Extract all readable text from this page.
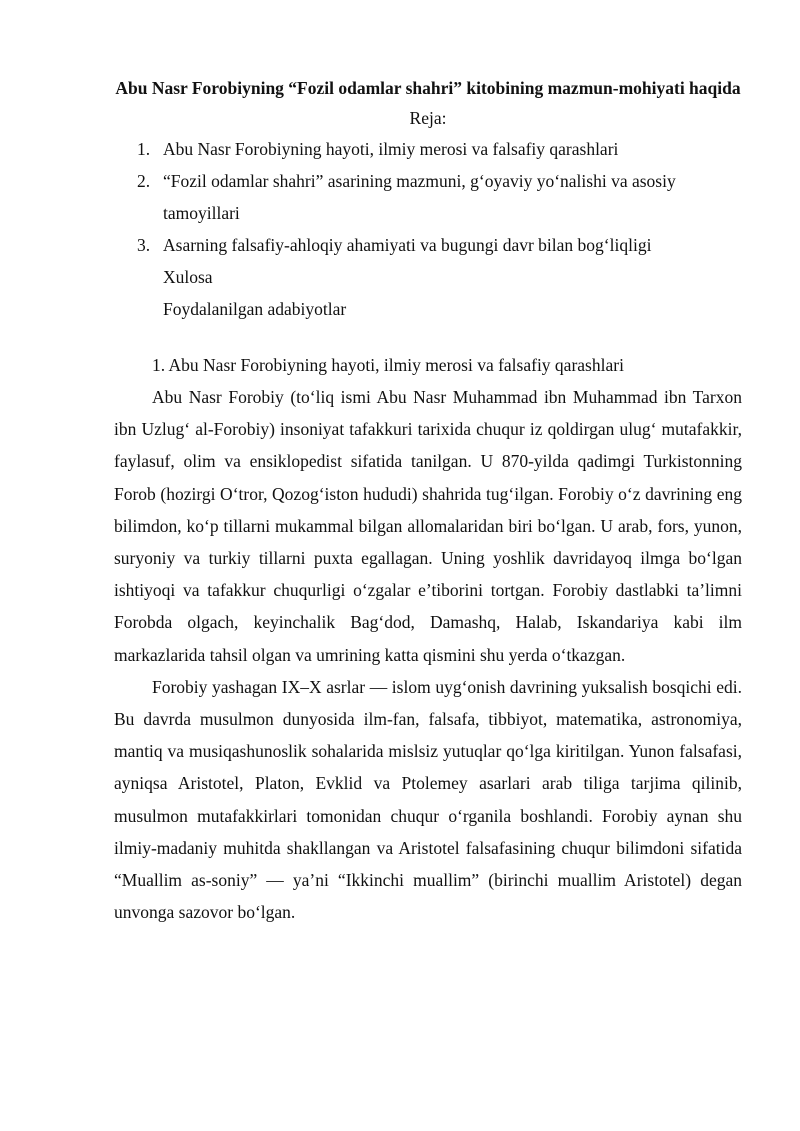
Abu Nasr Forobiyning “Fozil odamlar shahri” kitobining mazmun-mohiyati haqida
Reja:
1. Abu Nasr Forobiyning hayoti, ilmiy merosi va falsafiy qarashlari
2. “Fozil odamlar shahri” asarining mazmuni, g‘oyaviy yo‘nalishi va asosiy tamoyillari
3. Asarning falsafiy-ahloqiy ahamiyati va bugungi davr bilan bog‘liqligi
Xulosa
Foydalanilgan adabiyotlar
1. Abu Nasr Forobiyning hayoti, ilmiy merosi va falsafiy qarashlari

Abu Nasr Forobiy (to‘liq ismi Abu Nasr Muhammad ibn Muhammad ibn Tarxon ibn Uzlug‘ al-Forobiy) insoniyat tafakkuri tarixida chuqur iz qoldirgan ulug‘ mutafakkir, faylasuf, olim va ensiklopedist sifatida tanilgan. U 870-yilda qadimgi Turkistonning Forob (hozirgi O‘tror, Qozog‘iston hududi) shahrida tug‘ilgan. Forobiy o‘z davrining eng bilimdon, ko‘p tillarni mukammal bilgan allomalaridan biri bo‘lgan. U arab, fors, yunon, suryoniy va turkiy tillarni puxta egallagan. Uning yoshlik davridayoq ilmga bo‘lgan ishtiyoqi va tafakkur chuqurligi o‘zgalar e’tiborini tortgan. Forobiy dastlabki ta’limni Forobda olgach, keyinchalik Bag‘dod, Damashq, Halab, Iskandariya kabi ilm markazlarida tahsil olgan va umrining katta qismini shu yerda o‘tkazgan.

Forobiy yashagan IX–X asrlar — islom uyg‘onish davrining yuksalish bosqichi edi. Bu davrda musulmon dunyosida ilm-fan, falsafa, tibbiyot, matematika, astronomiya, mantiq va musiqashunoslik sohalarida mislsiz yutuqlar qo‘lga kiritilgan. Yunon falsafasi, ayniqsa Aristotel, Platon, Evklid va Ptolemey asarlari arab tiliga tarjima qilinib, musulmon mutafakkirlari tomonidan chuqur o‘rganila boshlandi. Forobiy aynan shu ilmiy-madaniy muhitda shakllangan va Aristotel falsafasining chuqur bilimdoni sifatida “Muallim as-soniy” — ya’ni “Ikkinchi muallim” (birinchi muallim Aristotel) degan unvonga sazovor bo‘lgan.
